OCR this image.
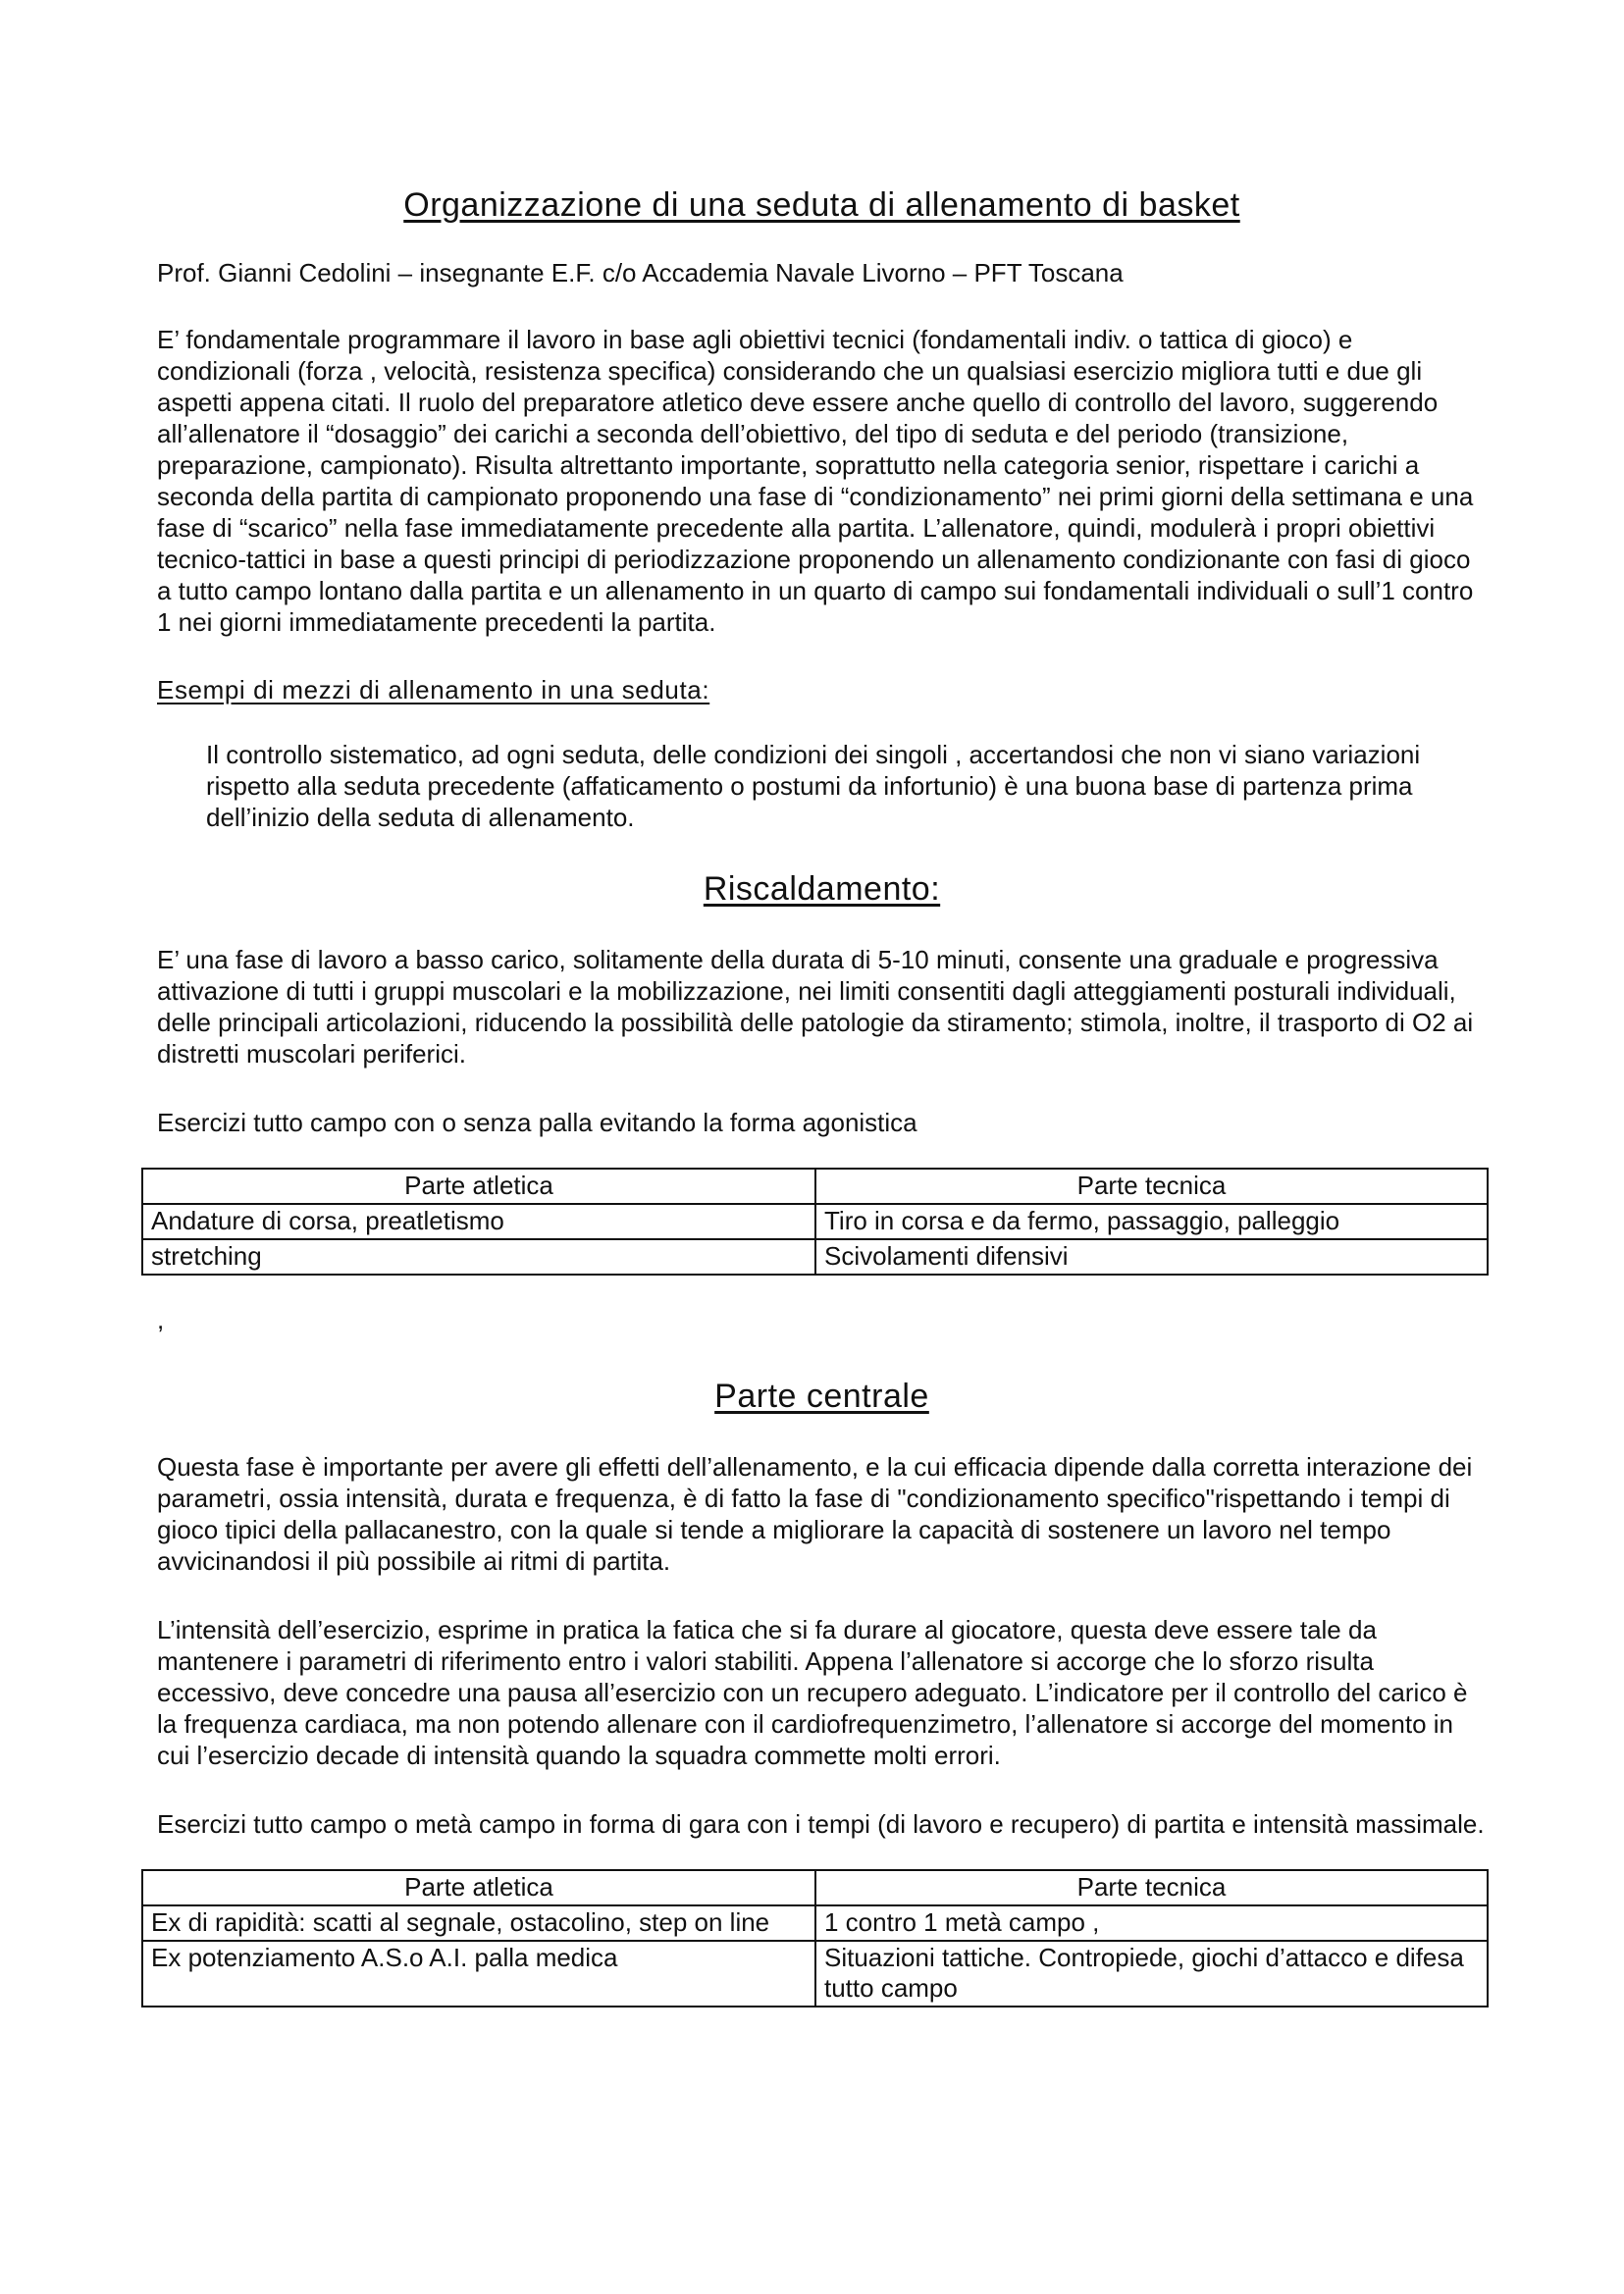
Organizzazione di una seduta di allenamento di basket
Prof. Gianni Cedolini – insegnante E.F. c/o Accademia Navale Livorno – PFT Toscana

E’ fondamentale programmare il lavoro in base agli obiettivi tecnici (fondamentali indiv. o tattica di gioco) e condizionali (forza , velocità, resistenza specifica) considerando che un qualsiasi esercizio migliora tutti e due gli aspetti appena citati. Il ruolo del preparatore atletico deve essere anche quello di controllo del lavoro, suggerendo all’allenatore il “dosaggio” dei carichi a seconda dell’obiettivo, del tipo di seduta e del periodo (transizione, preparazione, campionato). Risulta altrettanto importante, soprattutto nella categoria senior, rispettare i carichi a seconda della partita di campionato proponendo una fase di “condizionamento” nei primi giorni della settimana e una fase di “scarico” nella fase immediatamente precedente alla partita. L’allenatore, quindi, modulerà i propri obiettivi tecnico-tattici in base a questi principi di periodizzazione proponendo un allenamento condizionante con fasi di gioco a tutto campo lontano dalla partita e un allenamento in un quarto di campo sui fondamentali individuali o sull’1 contro 1 nei giorni immediatamente precedenti la partita.

Esempi di mezzi di allenamento in una seduta:

Il controllo sistematico, ad ogni seduta, delle condizioni dei singoli , accertandosi che non vi siano variazioni rispetto alla seduta precedente (affaticamento o postumi da infortunio) è una buona base di partenza prima dell’inizio della seduta di allenamento.

Riscaldamento:

E’ una fase di lavoro a basso carico, solitamente della durata di 5-10 minuti, consente una graduale e progressiva attivazione di tutti i gruppi muscolari e la mobilizzazione, nei limiti consentiti dagli atteggiamenti posturali individuali, delle principali articolazioni, riducendo la possibilità delle patologie da stiramento; stimola, inoltre, il trasporto di O2 ai distretti muscolari periferici.

Esercizi tutto campo con o senza palla evitando la forma agonistica

Parte atletica	Parte tecnica
Andature di corsa, preatletismo	Tiro in corsa e da fermo, passaggio, palleggio
stretching	Scivolamenti difensivi
,
Parte centrale

Questa fase è importante per avere gli effetti dell’allenamento, e la cui efficacia dipende dalla corretta interazione dei parametri, ossia intensità, durata e frequenza, è di fatto la fase di "condizionamento specifico"rispettando i tempi di gioco tipici della pallacanestro, con la quale si tende a migliorare la capacità di sostenere un lavoro nel tempo avvicinandosi il più possibile ai ritmi di partita.

L’intensità dell’esercizio, esprime in pratica la fatica che si fa durare al giocatore, questa deve essere tale da mantenere i parametri di riferimento entro i valori stabiliti. Appena l’allenatore si accorge che lo sforzo risulta eccessivo, deve concedre una pausa all’esercizio con un recupero adeguato. L’indicatore per il controllo del carico è la frequenza cardiaca, ma non potendo allenare con il cardiofrequenzimetro, l’allenatore si accorge del momento in cui l’esercizio decade di intensità quando la squadra commette molti errori.

Esercizi tutto campo o metà campo in forma di gara con i tempi (di lavoro e recupero) di partita e intensità massimale.

Parte atletica	Parte tecnica
Ex di rapidità: scatti al segnale, ostacolino, step on line	1 contro 1 metà campo ,
Ex potenziamento A.S.o A.I. palla medica	Situazioni tattiche. Contropiede, giochi d’attacco e difesa tutto campo
